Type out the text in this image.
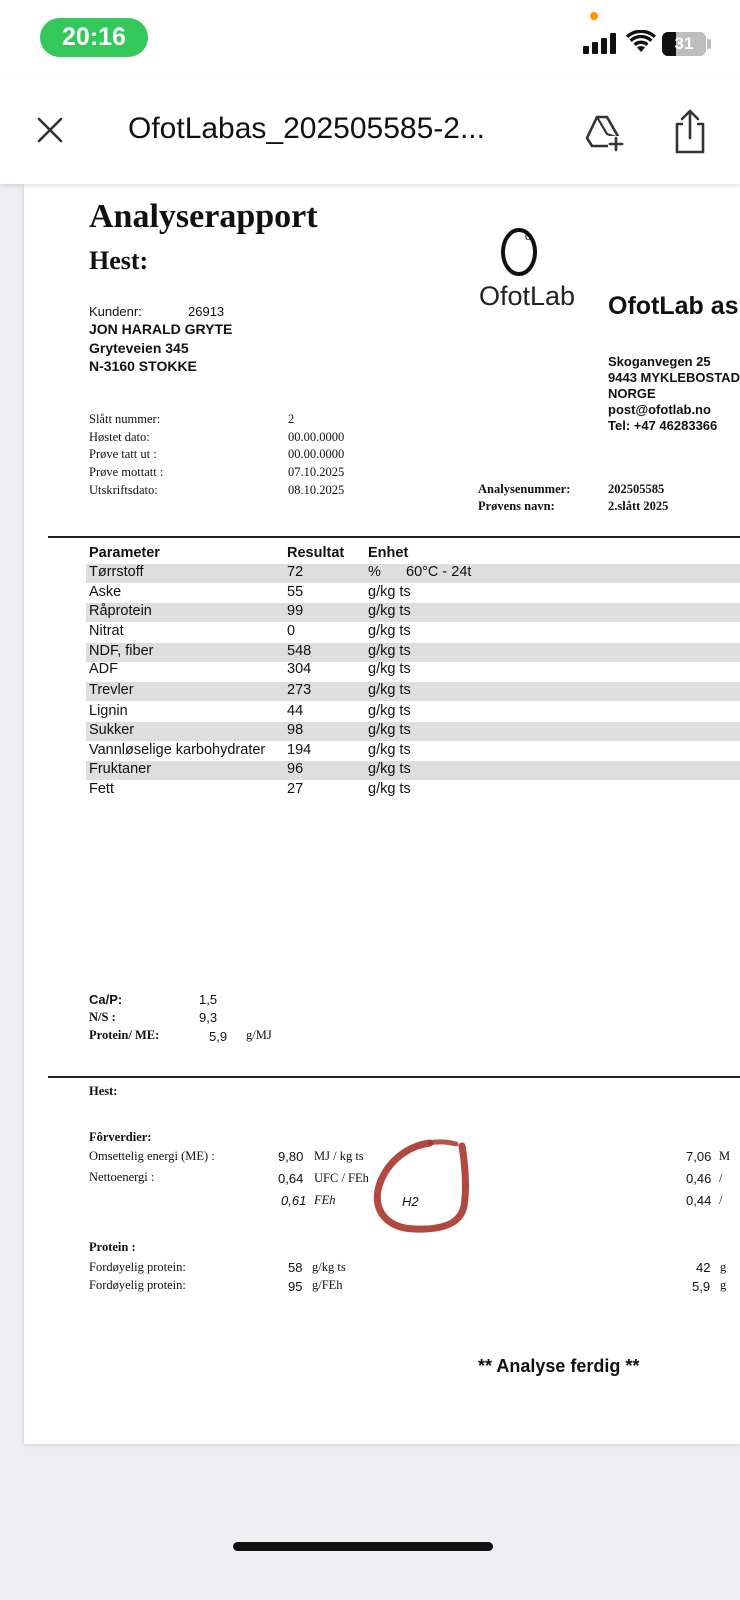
20:16	31
OfotLabas_202505585-2...
Analyserapport
Hest:
0
OfotLab OfotLab as
Kundenr:	26913
JON HARALD GRYTE
Gryteveien 345
N-3160 STOKKE	Skoganvegen 25
9443 MYKLEBOSTAD
NORGE
post@ofotlab.no
Tel: +47 46283366
Slått nummer:	2
Høstet dato:	00.00.0000
Prøve tatt ut :	00.00.0000
Prøve mottatt :	07.10.2025
Utskriftsdato:	08.10.2025	Analysenummer:	202505585
Prøvens navn:	2.slått 2025
Parameter	Resultat Enhet
Tørrstoff	72	% 60°C - 24t
Aske	55	g/kg ts
Råprotein	99	g/kg ts
Nitrat	0	g/kg ts
NDF, fiber	548	g/kg ts
ADF	304	g/kg ts
Trevler	273	g/kg ts
Lignin	44	g/kg ts
Sukker	98	g/kg ts
Vannløselige karbohydrater 194	g/kg ts
Fruktaner	96	g/kg ts
Fett	27	g/kg ts
Ca/P:	1,5
N/S :	9,3
Protein/ ME:	5,9 g/MJ
Hest:
Fôrverdier:
Omsettelig energi (ME) :	9,80 MJ / kg ts	7,06 M
Nettoenergi :	0,64 UFC / FEh	0,46 /
0,61 FEh	0,44 /
H2
Protein :
Fordøyelig protein:	58 g/kg ts	42 g
Fordøyelig protein:	95 g/FEh	5,9 g
** Analyse ferdig **
